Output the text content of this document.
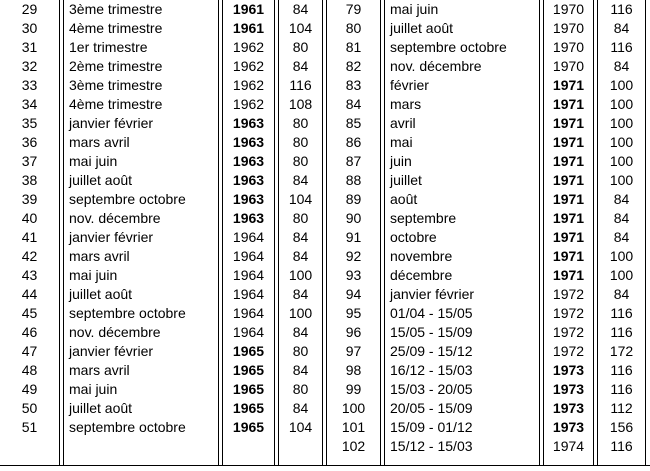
29	3ème trimestre	1961	84
30	4ème trimestre	1961	104
31	1er trimestre	1962	80
32	2ème trimestre	1962	84
33	3ème trimestre	1962	116
34	4ème trimestre	1962	108
35	janvier février	1963	80
36	mars avril	1963	80
37	mai juin	1963	80
38	juillet août	1963	84
39	septembre octobre	1963	104
40	nov. décembre	1963	80
41	janvier février	1964	84
42	mars avril	1964	84
43	mai juin	1964	100
44	juillet août	1964	84
45	septembre octobre	1964	100
46	nov. décembre	1964	84
47	janvier février	1965	80
48	mars avril	1965	84
49	mai juin	1965	80
50	juillet août	1965	84
51	septembre octobre	1965	104
79	mai juin	1970	116
80	juillet août	1970	84
81	septembre octobre	1970	116
82	nov. décembre	1970	84
83	février	1971	100
84	mars	1971	100
85	avril	1971	100
86	mai	1971	100
87	juin	1971	100
88	juillet	1971	100
89	août	1971	84
90	septembre	1971	84
91	octobre	1971	84
92	novembre	1971	100
93	décembre	1971	100
94	janvier février	1972	84
95	01/04 - 15/05	1972	116
96	15/05 - 15/09	1972	116
97	25/09 - 15/12	1972	172
98	16/12 - 15/03	1973	116
99	15/03 - 20/05	1973	116
100	20/05 - 15/09	1973	112
101	15/09 - 01/12	1973	156
102	15/12 - 15/03	1974	116
